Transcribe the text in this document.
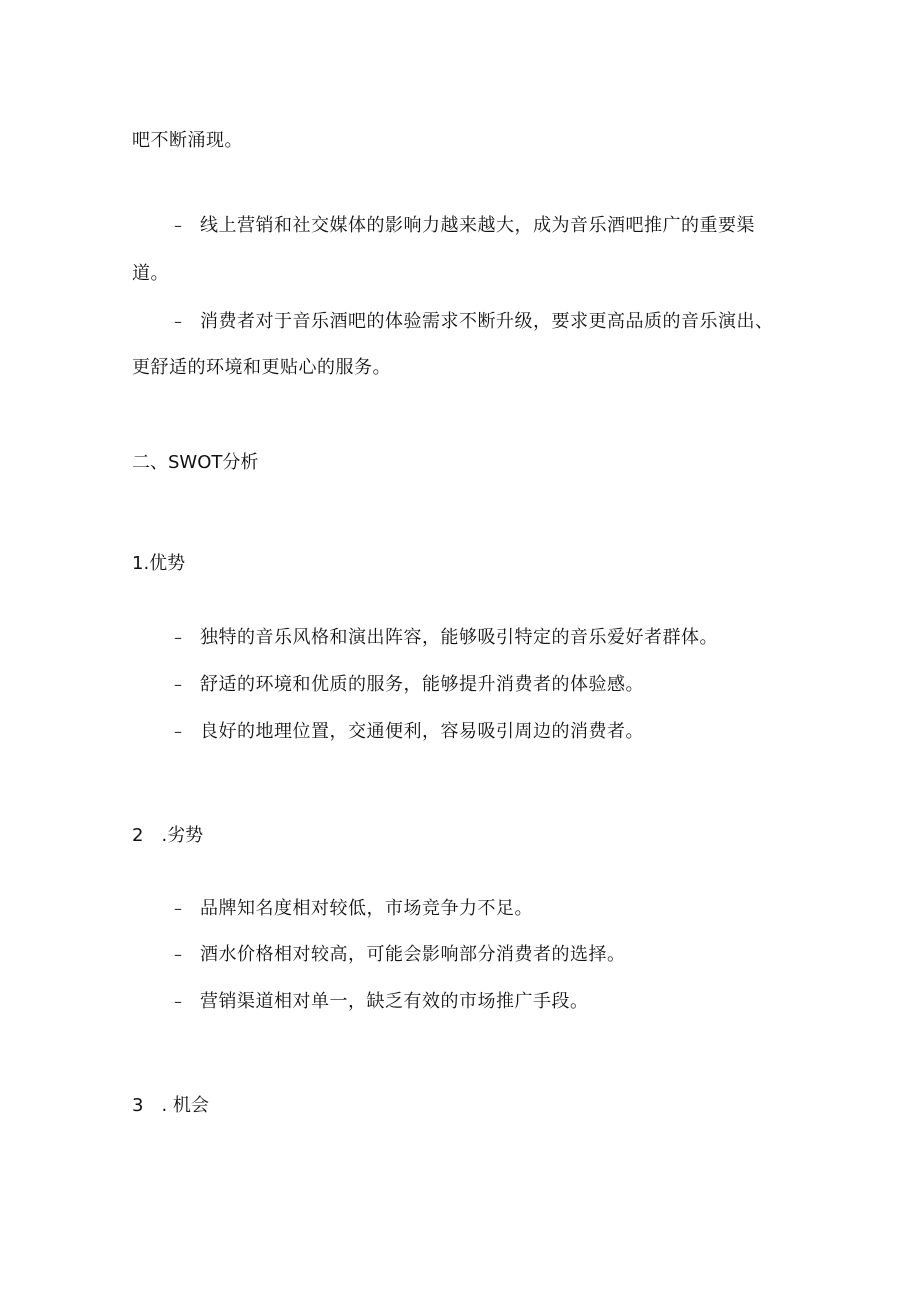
吧不断涌现。
– 线上营销和社交媒体的影响力越来越大，成为音乐酒吧推广的重要渠
道。
– 消费者对于音乐酒吧的体验需求不断升级，要求更高品质的音乐演出、
更舒适的环境和更贴心的服务。
二、SWOT分析
1.优势
– 独特的音乐风格和演出阵容，能够吸引特定的音乐爱好者群体。
– 舒适的环境和优质的服务，能够提升消费者的体验感。
– 良好的地理位置，交通便利，容易吸引周边的消费者。
2　.劣势
– 品牌知名度相对较低，市场竞争力不足。
– 酒水价格相对较高，可能会影响部分消费者的选择。
– 营销渠道相对单一，缺乏有效的市场推广手段。
3　. 机会
